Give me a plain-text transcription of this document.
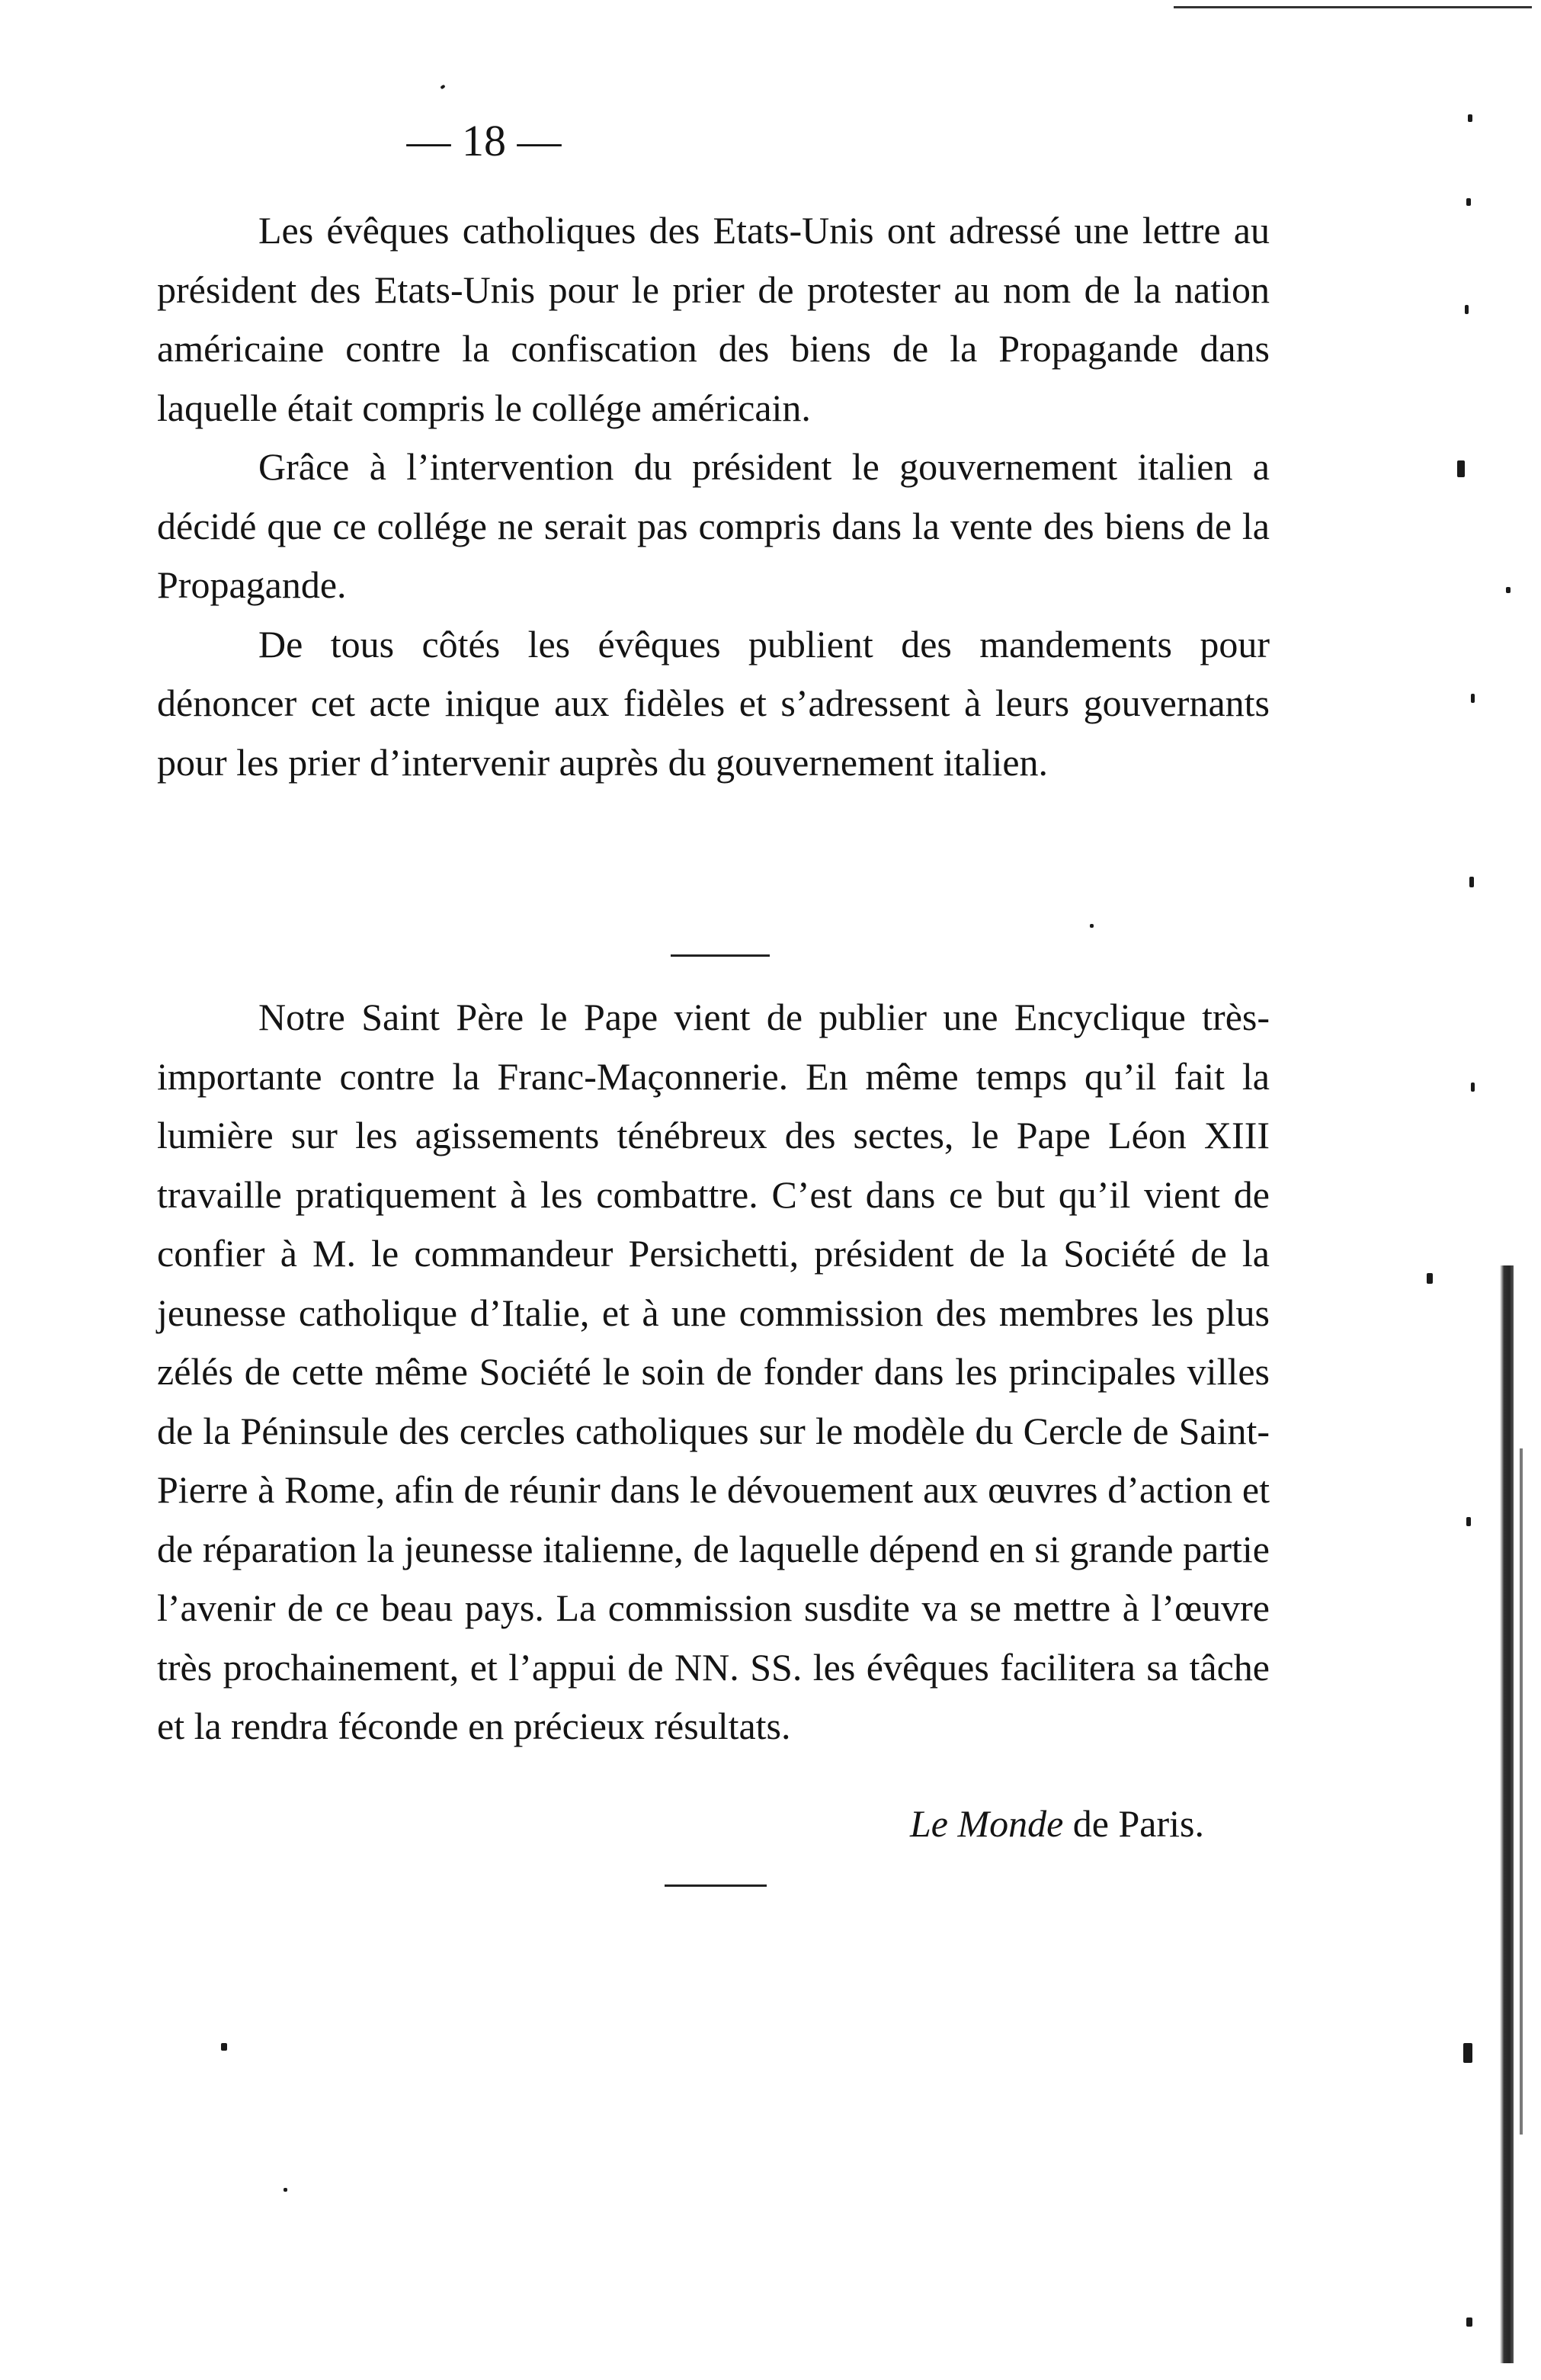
— 18 —

Les évêques catholiques des Etats-Unis ont adressé une lettre au président des Etats-Unis pour le prier de protester au nom de la nation américaine contre la confiscation des biens de la Propagande dans laquelle était compris le collége américain.

Grâce à l’intervention du président le gouvernement italien a décidé que ce collége ne serait pas compris dans la vente des biens de la Propagande.

De tous côtés les évêques publient des mandements pour dénoncer cet acte inique aux fidèles et s’adressent à leurs gouvernants pour les prier d’intervenir auprès du gouvernement italien.

Notre Saint Père le Pape vient de publier une Encyclique très-importante contre la Franc-Maçonnerie. En même temps qu’il fait la lumière sur les agissements ténébreux des sectes, le Pape Léon XIII travaille pratiquement à les combattre. C’est dans ce but qu’il vient de confier à M. le commandeur Persichetti, président de la Société de la jeunesse catholique d’Italie, et à une commission des membres les plus zélés de cette même Société le soin de fonder dans les principales villes de la Péninsule des cercles catholiques sur le modèle du Cercle de Saint-Pierre à Rome, afin de réunir dans le dévouement aux œuvres d’action et de réparation la jeunesse italienne, de laquelle dépend en si grande partie l’avenir de ce beau pays. La commission susdite va se mettre à l’œuvre très prochainement, et l’appui de NN. SS. les évêques facilitera sa tâche et la rendra féconde en précieux résultats.

Le Monde de Paris.
